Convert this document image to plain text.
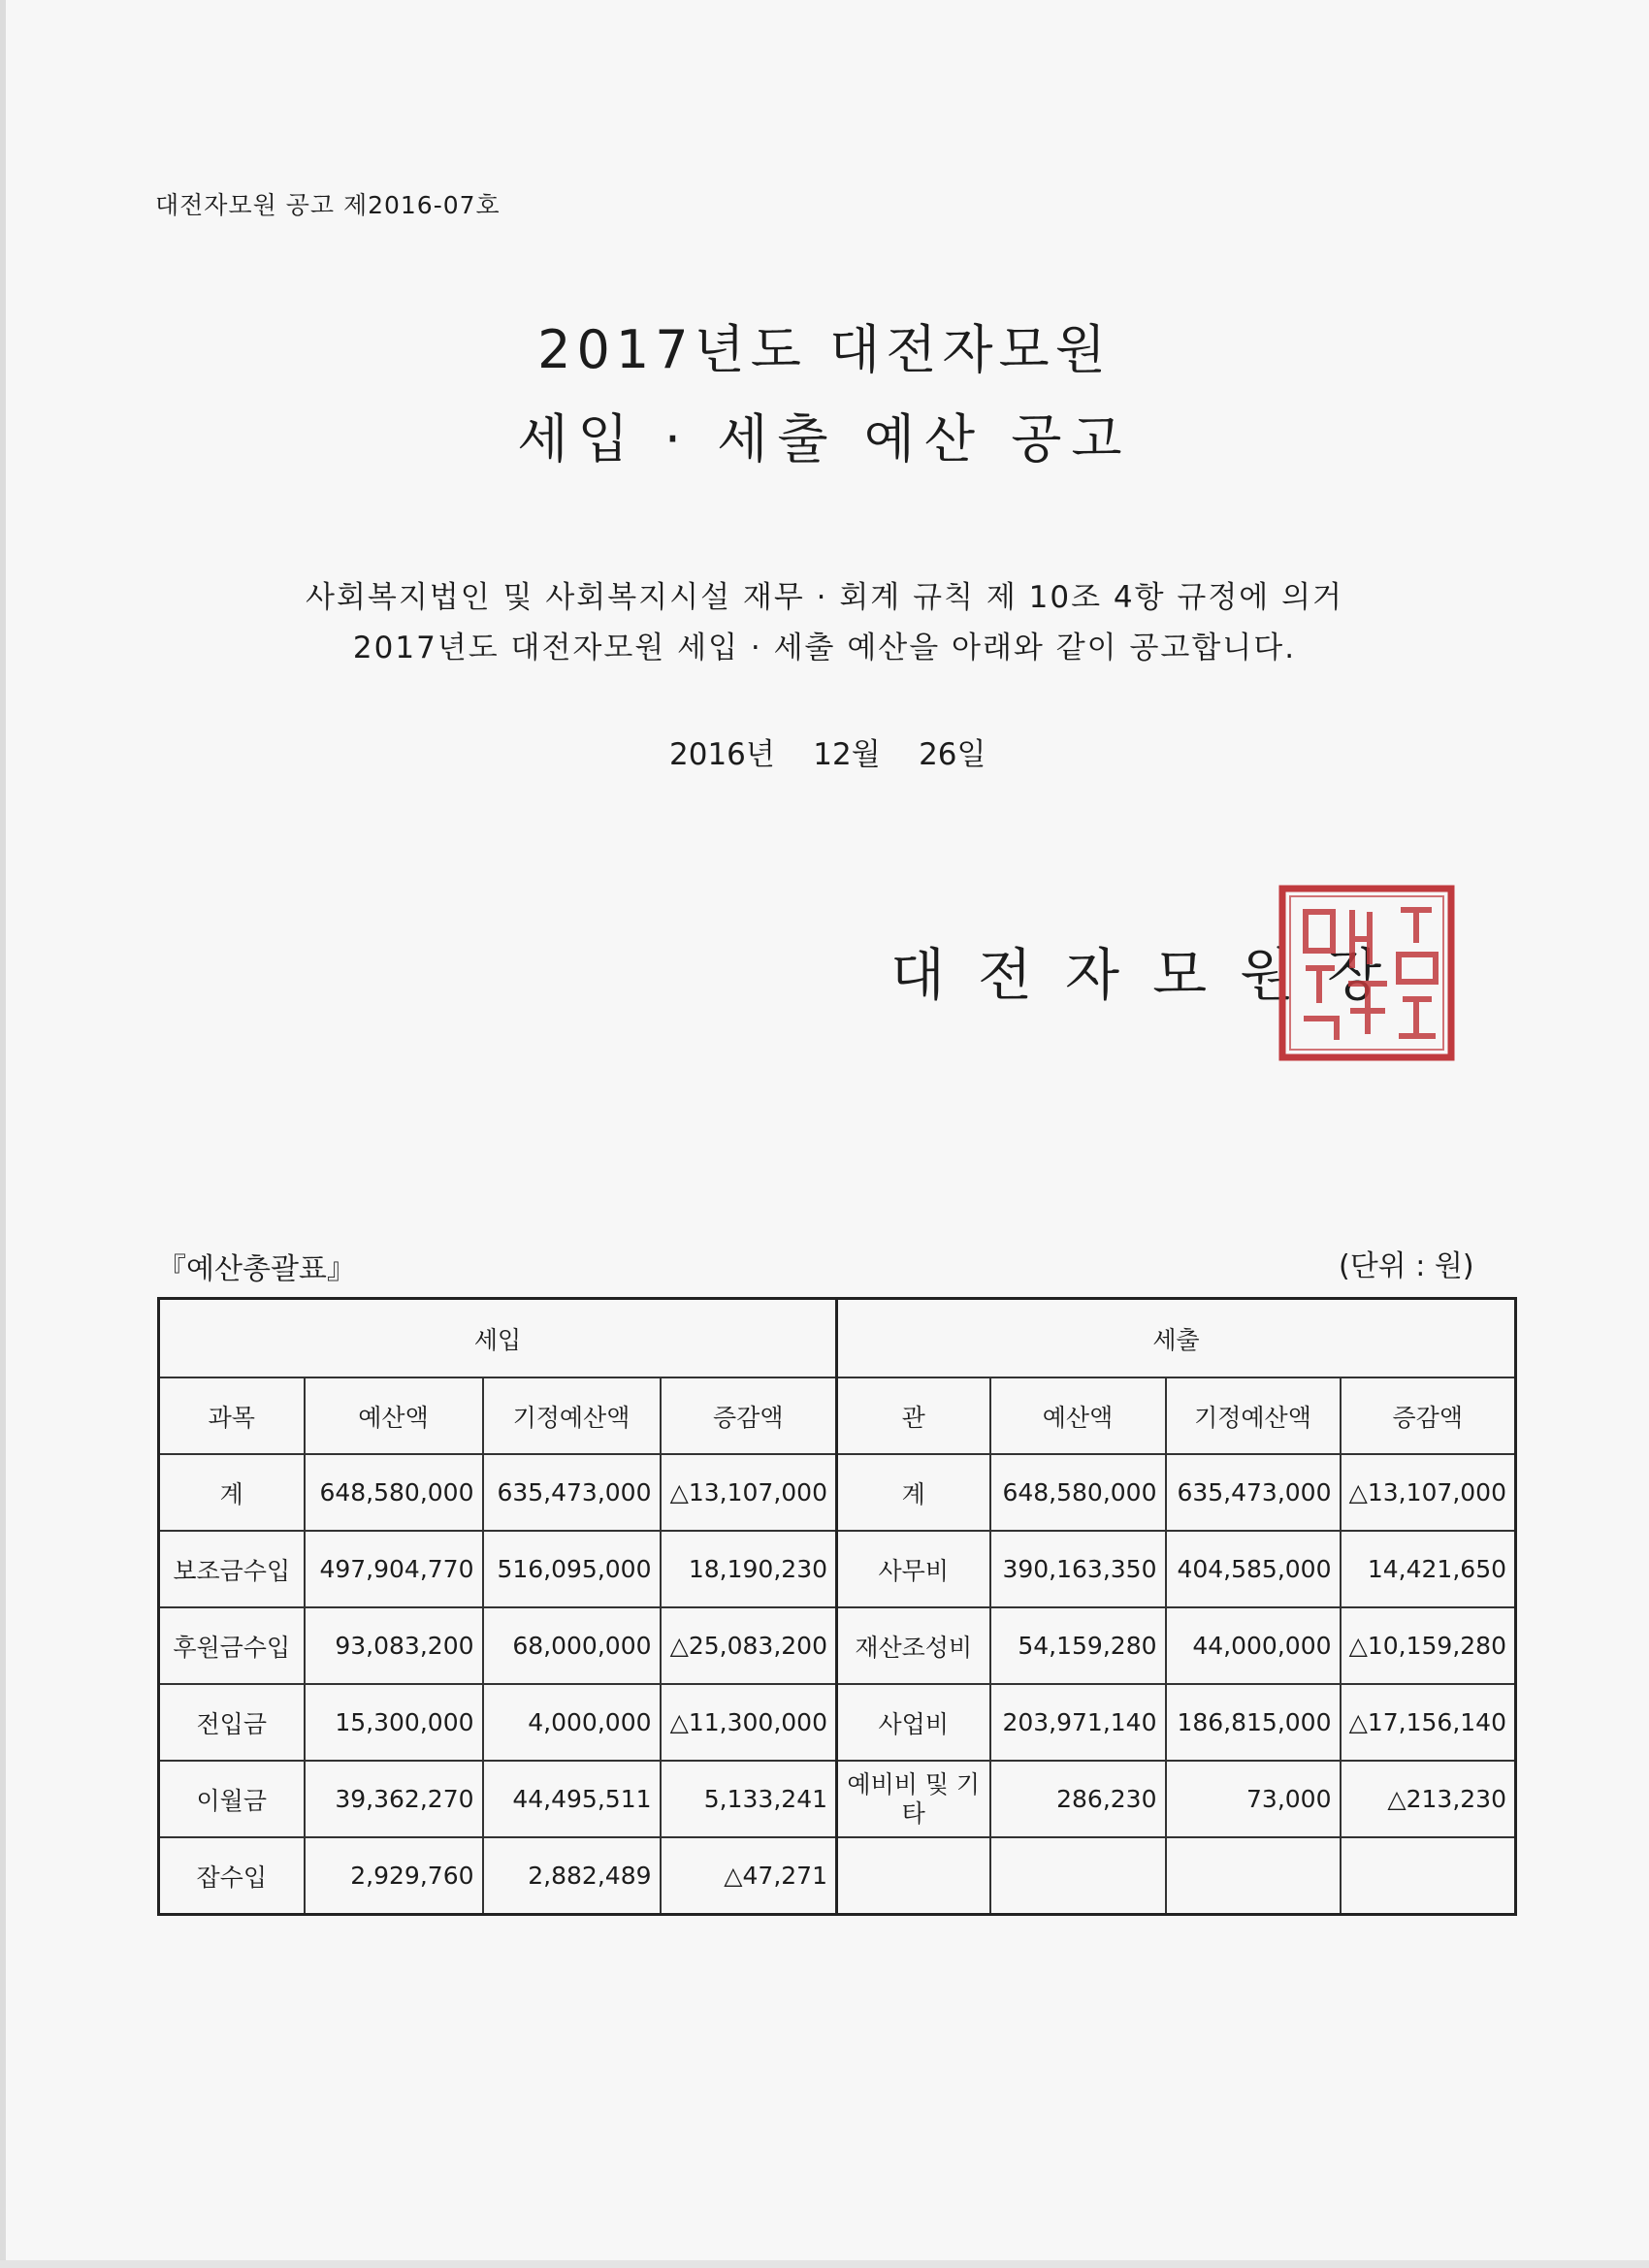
대전자모원 공고 제2016-07호
2017년도 대전자모원
세입 · 세출 예산 공고
사회복지법인 및 사회복지시설 재무 · 회계 규칙 제 10조 4항 규정에 의거
2017년도 대전자모원 세입 · 세출 예산을 아래와 같이 공고합니다.
2016년    12월    26일
대전자모원장
『예산총괄표』	(단위 : 원)
세입				세출			
과목	예산액	기정예산액	증감액	관	예산액	기정예산액	증감액
계	648,580,000	635,473,000	△13,107,000	계	648,580,000	635,473,000	△13,107,000
보조금수입	497,904,770	516,095,000	18,190,230	사무비	390,163,350	404,585,000	14,421,650
후원금수입	93,083,200	68,000,000	△25,083,200	재산조성비	54,159,280	44,000,000	△10,159,280
전입금	15,300,000	4,000,000	△11,300,000	사업비	203,971,140	186,815,000	△17,156,140
이월금	39,362,270	44,495,511	5,133,241	예비비 및 기타	286,230	73,000	△213,230
잡수입	2,929,760	2,882,489	△47,271				
